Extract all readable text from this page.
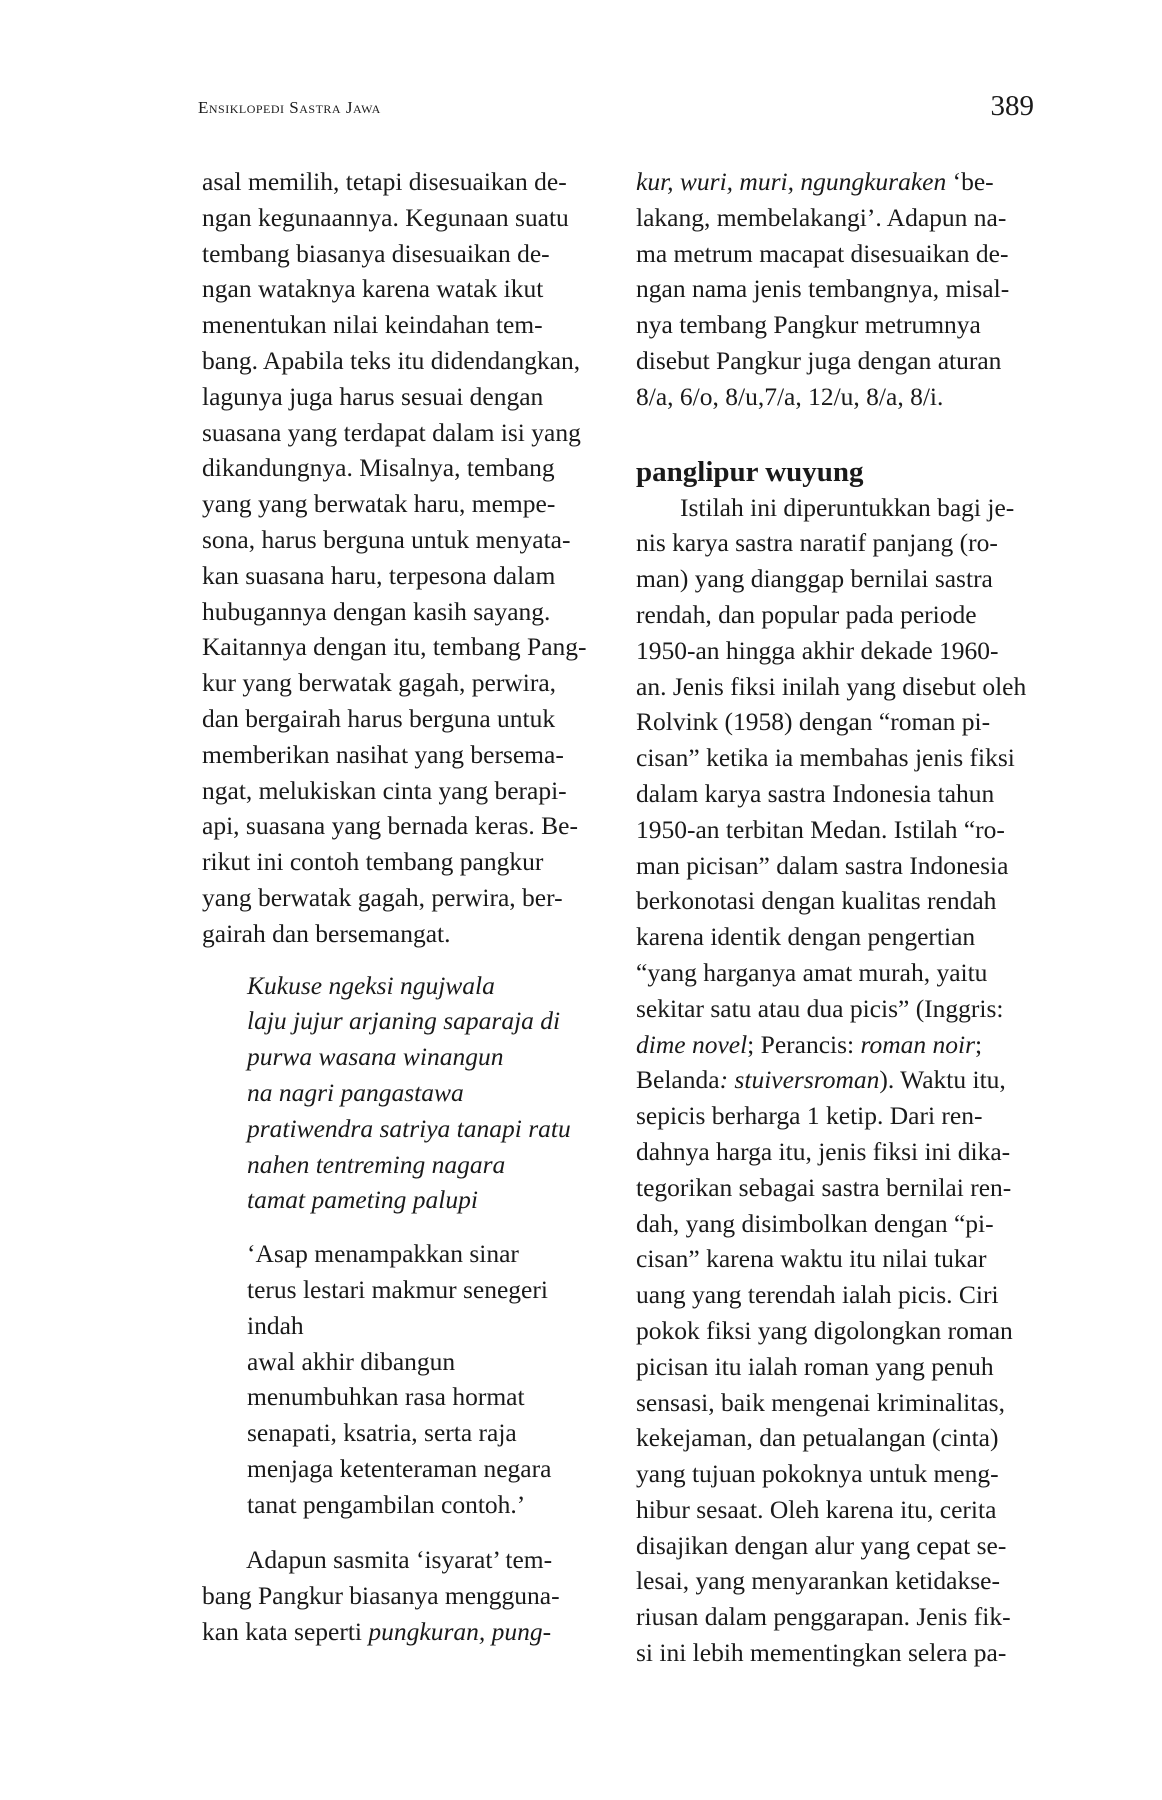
Ensiklopedi Sastra Jawa	389

asal memilih, tetapi disesuaikan de-
ngan kegunaannya. Kegunaan suatu
tembang biasanya disesuaikan de-
ngan wataknya karena watak ikut
menentukan nilai keindahan tem-
bang. Apabila teks itu didendangkan,
lagunya juga harus sesuai dengan
suasana yang terdapat dalam isi yang
dikandungnya. Misalnya, tembang
yang yang berwatak haru, mempe-
sona, harus berguna untuk menyata-
kan suasana haru, terpesona dalam
hubugannya dengan kasih sayang.
Kaitannya dengan itu, tembang Pang-
kur yang berwatak gagah, perwira,
dan bergairah harus berguna untuk
memberikan nasihat yang bersema-
ngat, melukiskan cinta yang berapi-
api, suasana yang bernada keras. Be-
rikut ini contoh tembang pangkur
yang berwatak gagah, perwira, ber-
gairah dan bersemangat.

Kukuse ngeksi ngujwala
laju jujur arjaning saparaja di
purwa wasana winangun
na nagri pangastawa
pratiwendra satriya tanapi ratu
nahen tentreming nagara
tamat pameting palupi
‘Asap menampakkan sinar
terus lestari makmur senegeri
indah
awal akhir dibangun
menumbuhkan rasa hormat
senapati, ksatria, serta raja
menjaga ketenteraman negara
tanat pengambilan contoh.’

Adapun sasmita ‘isyarat’ tem-
bang Pangkur biasanya mengguna-
kan kata seperti pungkuran, pung-

kur, wuri, muri, ngungkuraken ‘be-
lakang, membelakangi’. Adapun na-
ma metrum macapat disesuaikan de-
ngan nama jenis tembangnya, misal-
nya tembang Pangkur metrumnya
disebut Pangkur juga dengan aturan
8/a, 6/o, 8/u,7/a, 12/u, 8/a, 8/i.

panglipur wuyung

Istilah ini diperuntukkan bagi je-
nis karya sastra naratif panjang (ro-
man) yang dianggap bernilai sastra
rendah, dan popular pada periode
1950-an hingga akhir dekade 1960-
an. Jenis fiksi inilah yang disebut oleh
Rolvink (1958) dengan “roman pi-
cisan” ketika ia membahas jenis fiksi
dalam karya sastra Indonesia tahun
1950-an terbitan Medan. Istilah “ro-
man picisan” dalam sastra Indonesia
berkonotasi dengan kualitas rendah
karena identik dengan pengertian
“yang harganya amat murah, yaitu
sekitar satu atau dua picis” (Inggris:
dime novel; Perancis: roman noir;
Belanda: stuiversroman). Waktu itu,
sepicis berharga 1 ketip. Dari ren-
dahnya harga itu, jenis fiksi ini dika-
tegorikan sebagai sastra bernilai ren-
dah, yang disimbolkan dengan “pi-
cisan” karena waktu itu nilai tukar
uang yang terendah ialah picis. Ciri
pokok fiksi yang digolongkan roman
picisan itu ialah roman yang penuh
sensasi, baik mengenai kriminalitas,
kekejaman, dan petualangan (cinta)
yang tujuan pokoknya untuk meng-
hibur sesaat. Oleh karena itu, cerita
disajikan dengan alur yang cepat se-
lesai, yang menyarankan ketidakse-
riusan dalam penggarapan. Jenis fik-
si ini lebih mementingkan selera pa-
